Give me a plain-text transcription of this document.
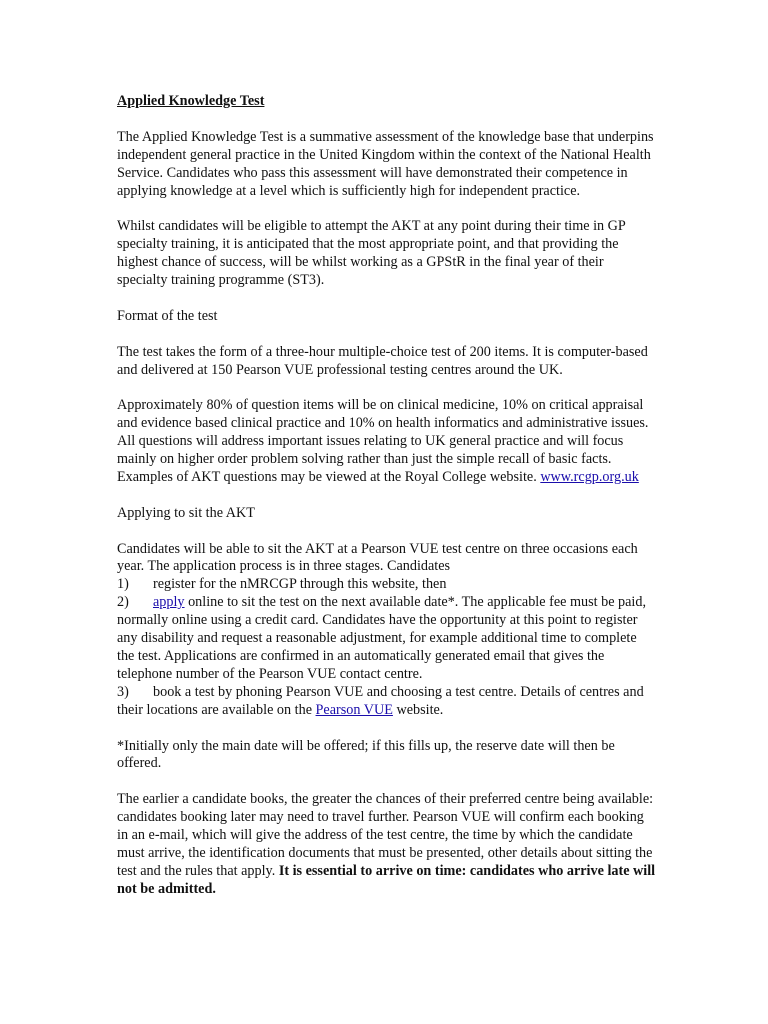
Applied Knowledge Test

The Applied Knowledge Test is a summative assessment of the knowledge base that underpins independent general practice in the United Kingdom within the context of the National Health Service. Candidates who pass this assessment will have demonstrated their competence in applying knowledge at a level which is sufficiently high for independent practice.

Whilst candidates will be eligible to attempt the AKT at any point during their time in GP specialty training, it is anticipated that the most appropriate point, and that providing the highest chance of success, will be whilst working as a GPStR in the final year of their specialty training programme (ST3).

Format of the test

The test takes the form of a three-hour multiple-choice test of 200 items. It is computer-based and delivered at 150 Pearson VUE professional testing centres around the UK.

Approximately 80% of question items will be on clinical medicine, 10% on critical appraisal and evidence based clinical practice and 10% on health informatics and administrative issues. All questions will address important issues relating to UK general practice and will focus mainly on higher order problem solving rather than just the simple recall of basic facts. Examples of AKT questions may be viewed at the Royal College website. www.rcgp.org.uk

Applying to sit the AKT

Candidates will be able to sit the AKT at a Pearson VUE test centre on three occasions each year. The application process is in three stages. Candidates

1) register for the nMRCGP through this website, then

2) apply online to sit the test on the next available date*. The applicable fee must be paid, normally online using a credit card. Candidates have the opportunity at this point to register any disability and request a reasonable adjustment, for example additional time to complete the test. Applications are confirmed in an automatically generated email that gives the telephone number of the Pearson VUE contact centre.

3) book a test by phoning Pearson VUE and choosing a test centre. Details of centres and their locations are available on the Pearson VUE website.

*Initially only the main date will be offered; if this fills up, the reserve date will then be offered.

The earlier a candidate books, the greater the chances of their preferred centre being available: candidates booking later may need to travel further. Pearson VUE will confirm each booking in an e-mail, which will give the address of the test centre, the time by which the candidate must arrive, the identification documents that must be presented, other details about sitting the test and the rules that apply. It is essential to arrive on time: candidates who arrive late will not be admitted.
